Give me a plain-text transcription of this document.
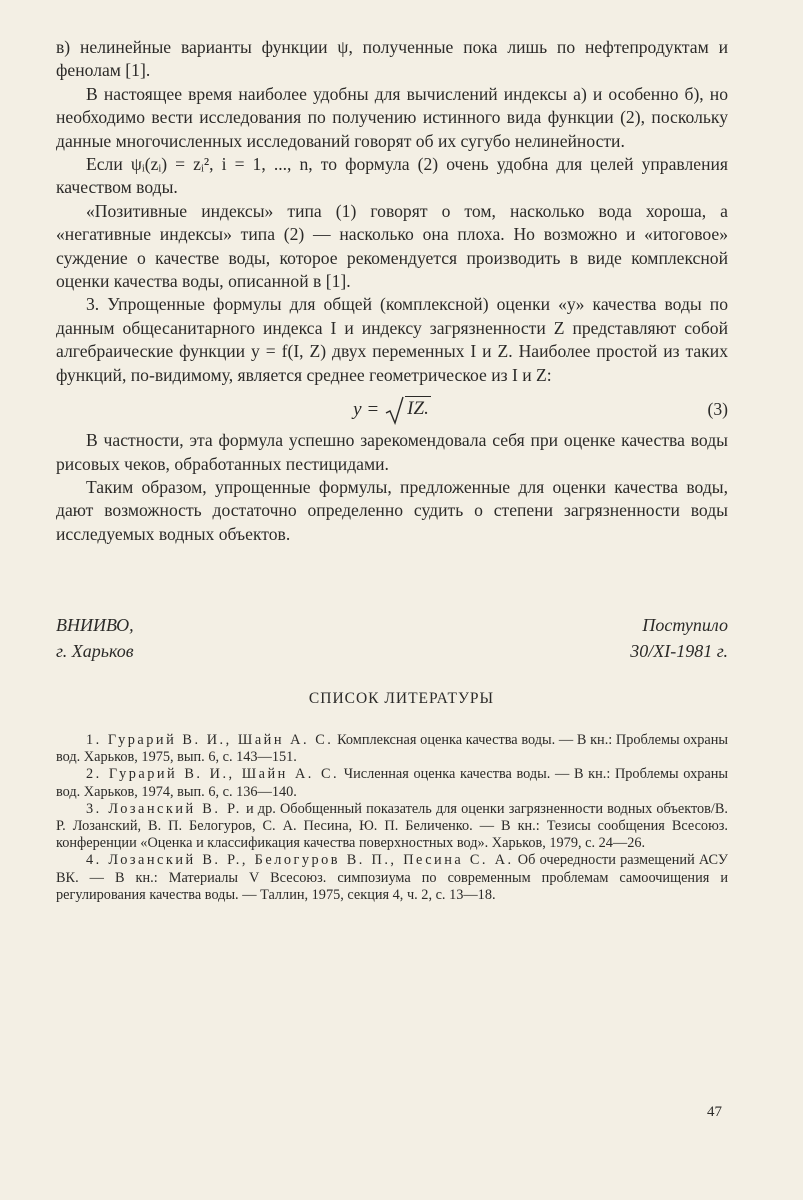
в) нелинейные варианты функции ψ, полученные пока лишь по нефтепродуктам и фенолам [1].

В настоящее время наиболее удобны для вычислений индексы а) и особенно б), но необходимо вести исследования по получению истинного вида функции (2), поскольку данные многочисленных исследований говорят об их сугубо нелинейности.

Если ψᵢ(zᵢ) = zᵢ², i = 1, ..., n, то формула (2) очень удобна для целей управления качеством воды.

«Позитивные индексы» типа (1) говорят о том, насколько вода хороша, а «негативные индексы» типа (2) — насколько она плоха. Но возможно и «итоговое» суждение о качестве воды, которое рекомендуется производить в виде комплексной оценки качества воды, описанной в [1].

3. Упрощенные формулы для общей (комплексной) оценки «y» качества воды по данным общесанитарного индекса I и индексу загрязненности Z представляют собой алгебраические функции y = f(I, Z) двух переменных I и Z. Наиболее простой из таких функций, по-видимому, является среднее геометрическое из I и Z:

y = IZ.	(3)

В частности, эта формула успешно зарекомендовала себя при оценке качества воды рисовых чеков, обработанных пестицидами.

Таким образом, упрощенные формулы, предложенные для оценки качества воды, дают возможность достаточно определенно судить о степени загрязненности воды исследуемых водных объектов.

ВНИИВО,	Поступило
г. Харьков	30/XI-1981 г.
СПИСОК ЛИТЕРАТУРЫ

1. Гурарий В. И., Шайн А. С. Комплексная оценка качества воды. — В кн.: Проблемы охраны вод. Харьков, 1975, вып. 6, с. 143—151.

2. Гурарий В. И., Шайн А. С. Численная оценка качества воды. — В кн.: Проблемы охраны вод. Харьков, 1974, вып. 6, с. 136—140.

3. Лозанский В. Р. и др. Обобщенный показатель для оценки загрязненности водных объектов/В. Р. Лозанский, В. П. Белогуров, С. А. Песина, Ю. П. Беличенко. — В кн.: Тезисы сообщения Всесоюз. конференции «Оценка и классификация качества поверхностных вод». Харьков, 1979, с. 24—26.

4. Лозанский В. Р., Белогуров В. П., Песина С. А. Об очередности размещений АСУ ВК. — В кн.: Материалы V Всесоюз. симпозиума по современным проблемам самоочищения и регулирования качества воды. — Таллин, 1975, секция 4, ч. 2, с. 13—18.

47
